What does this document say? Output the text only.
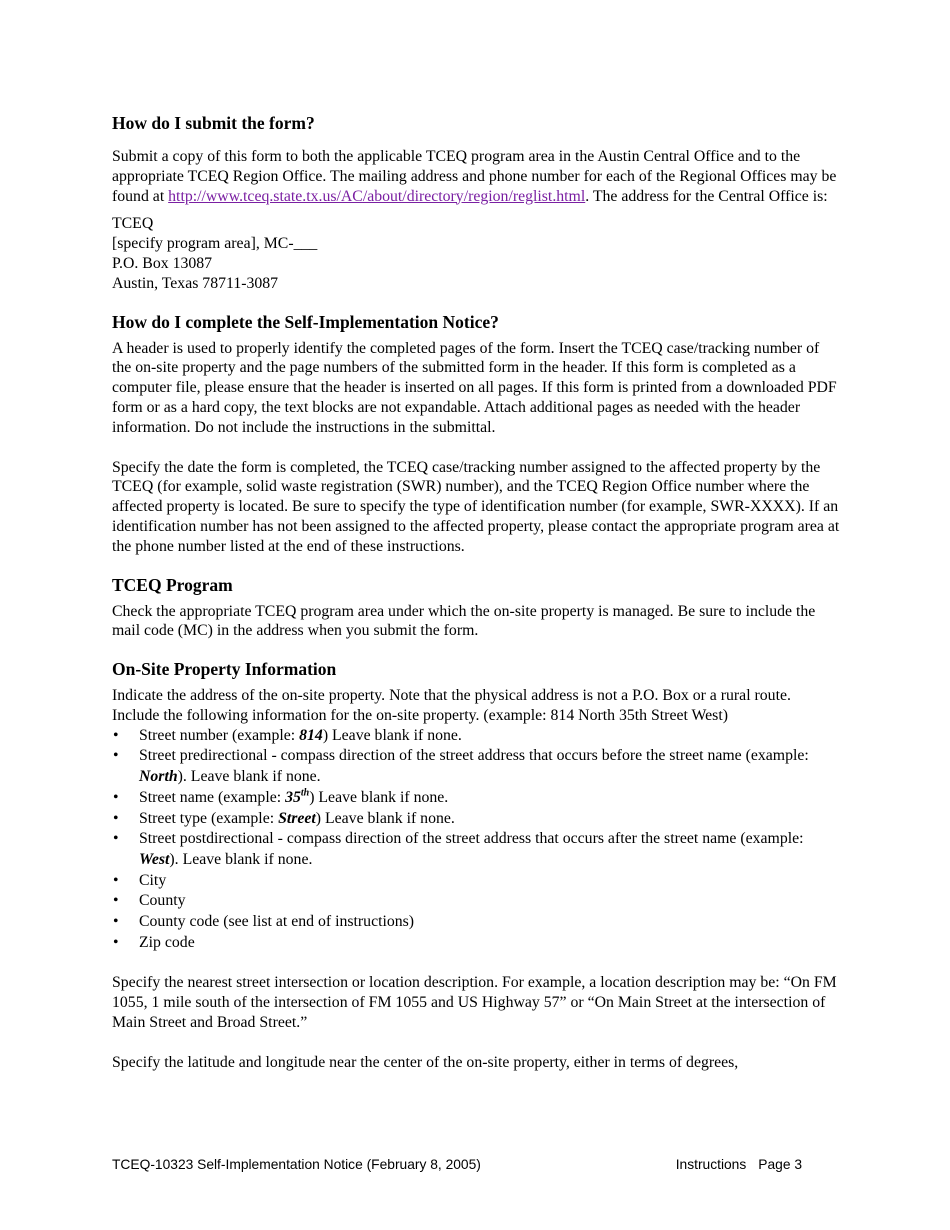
How do I submit the form?

Submit a copy of this form to both the applicable TCEQ program area in the Austin Central Office and to the appropriate TCEQ Region Office. The mailing address and phone number for each of the Regional Offices may be found at http://www.tceq.state.tx.us/AC/about/directory/region/reglist.html. The address for the Central Office is:

TCEQ
[specify program area], MC-___
P.O. Box 13087
Austin, Texas 78711-3087
How do I complete the Self-Implementation Notice?

A header is used to properly identify the completed pages of the form. Insert the TCEQ case/tracking number of the on-site property and the page numbers of the submitted form in the header. If this form is completed as a computer file, please ensure that the header is inserted on all pages. If this form is printed from a downloaded PDF form or as a hard copy, the text blocks are not expandable. Attach additional pages as needed with the header information. Do not include the instructions in the submittal.

Specify the date the form is completed, the TCEQ case/tracking number assigned to the affected property by the TCEQ (for example, solid waste registration (SWR) number), and the TCEQ Region Office number where the affected property is located. Be sure to specify the type of identification number (for example, SWR-XXXX). If an identification number has not been assigned to the affected property, please contact the appropriate program area at the phone number listed at the end of these instructions.

TCEQ Program

Check the appropriate TCEQ program area under which the on-site property is managed. Be sure to include the mail code (MC) in the address when you submit the form.

On-Site Property Information

Indicate the address of the on-site property. Note that the physical address is not a P.O. Box or a rural route. Include the following information for the on-site property. (example: 814 North 35th Street West)

• Street number (example: 814) Leave blank if none.
• Street predirectional - compass direction of the street address that occurs before the street name (example: North). Leave blank if none.
• Street name (example: 35th) Leave blank if none.
• Street type (example: Street) Leave blank if none.
• Street postdirectional - compass direction of the street address that occurs after the street name (example: West). Leave blank if none.
• City
• County
• County code (see list at end of instructions)
• Zip code

Specify the nearest street intersection or location description. For example, a location description may be: “On FM 1055, 1 mile south of the intersection of FM 1055 and US Highway 57” or “On Main Street at the intersection of Main Street and Broad Street.”

Specify the latitude and longitude near the center of the on-site property, either in terms of degrees,

TCEQ-10323 Self-Implementation Notice (February 8, 2005)	Instructions Page 3
